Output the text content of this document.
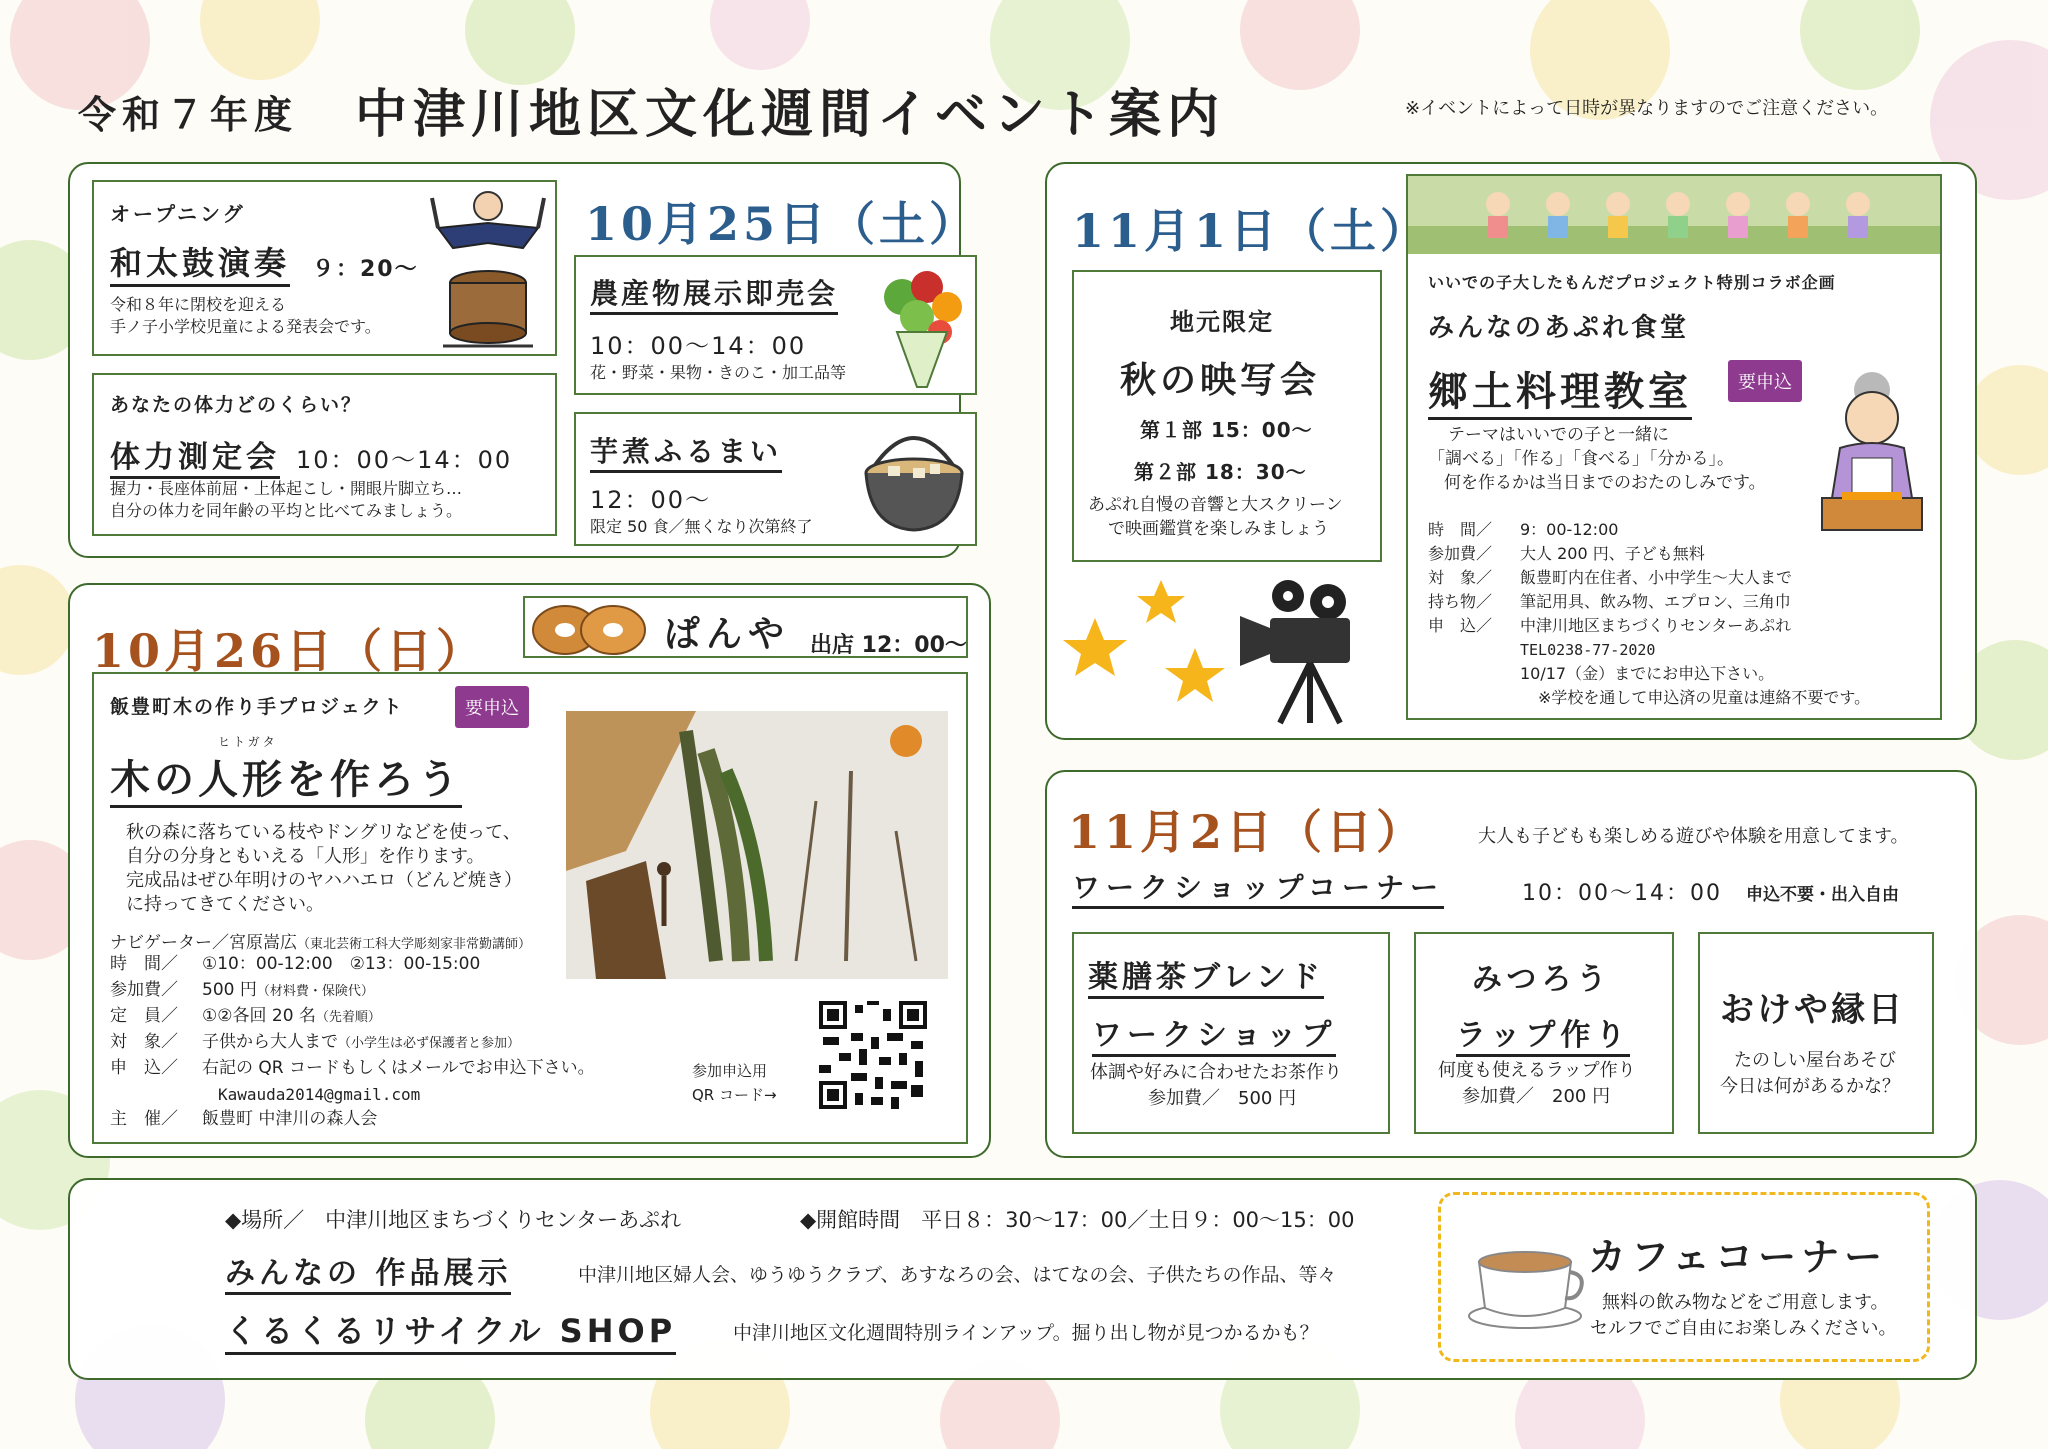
令和７年度 中津川地区文化週間イベント案内	※イベントによって日時が異なりますのでご注意ください。
オープニング
和太鼓演奏 ９：20～
令和８年に閉校を迎える
手ノ子小学校児童による発表会です。
あなたの体力どのくらい？
体力測定会 10：00～14：00
握力・長座体前屈・上体起こし・開眼片脚立ち…
自分の体力を同年齢の平均と比べてみましょう。
10月25日（土）
農産物展示即売会
10：00～14：00
花・野菜・果物・きのこ・加工品等
芋煮ふるまい
12：00～
限定 50 食／無くなり次第終了
10月26日（日）	ぱんや 出店 12：00～
飯豊町木の作り手プロジェクト	要申込
ヒトガタ
木の人形を作ろう
秋の森に落ちている枝やドングリなどを使って、
自分の分身ともいえる「人形」を作ります。
完成品はぜひ年明けのヤハハエロ（どんど焼き）
に持ってきてください。
ナビゲーター／宮原嵩広（東北芸術工科大学彫刻家非常勤講師）
時　間／ ①10：00-12:00　②13：00-15:00
参加費／ 500 円（材料費・保険代）
定　員／ ①②各回 20 名（先着順）
対　象／ 子供から大人まで（小学生は必ず保護者と参加）
申　込／ 右記の QR コードもしくはメールでお申込下さい。
Kawauda2014@gmail.com
主　催／ 飯豊町 中津川の森人会
参加申込用
QR コード→
11月1日（土）
地元限定
秋の映写会
第１部 15：00～
第２部 18：30～
あぷれ自慢の音響と大スクリーン
で映画鑑賞を楽しみましょう
いいでの子大したもんだプロジェクト特別コラボ企画
みんなのあぷれ食堂
郷土料理教室	要申込
テーマはいいでの子と一緒に
「調べる」「作る」「食べる」「分かる」。
何を作るかは当日までのおたのしみです。
時　間／ 9：00-12:00
参加費／ 大人 200 円、子ども無料
対　象／ 飯豊町内在住者、小中学生～大人まで
持ち物／ 筆記用具、飲み物、エプロン、三角巾
申　込／ 中津川地区まちづくりセンターあぷれ
TEL0238-77-2020
10/17（金）までにお申込下さい。
※学校を通して申込済の児童は連絡不要です。
11月2日（日）	大人も子どもも楽しめる遊びや体験を用意してます。
ワークショップコーナー	10：00～14：00 申込不要・出入自由
薬膳茶ブレンド
ワークショップ
体調や好みに合わせたお茶作り
参加費／　500 円
みつろう
ラップ作り
何度も使えるラップ作り
参加費／　200 円
おけや縁日
たのしい屋台あそび
今日は何があるかな？
◆場所／　中津川地区まちづくりセンターあぷれ	◆開館時間　平日８：30～17：00／土日９：00～15：00
みんなの 作品展示	中津川地区婦人会、ゆうゆうクラブ、あすなろの会、はてなの会、子供たちの作品、等々
くるくるリサイクル SHOP	中津川地区文化週間特別ラインアップ。掘り出し物が見つかるかも？
カフェコーナー
無料の飲み物などをご用意します。
セルフでご自由にお楽しみください。
